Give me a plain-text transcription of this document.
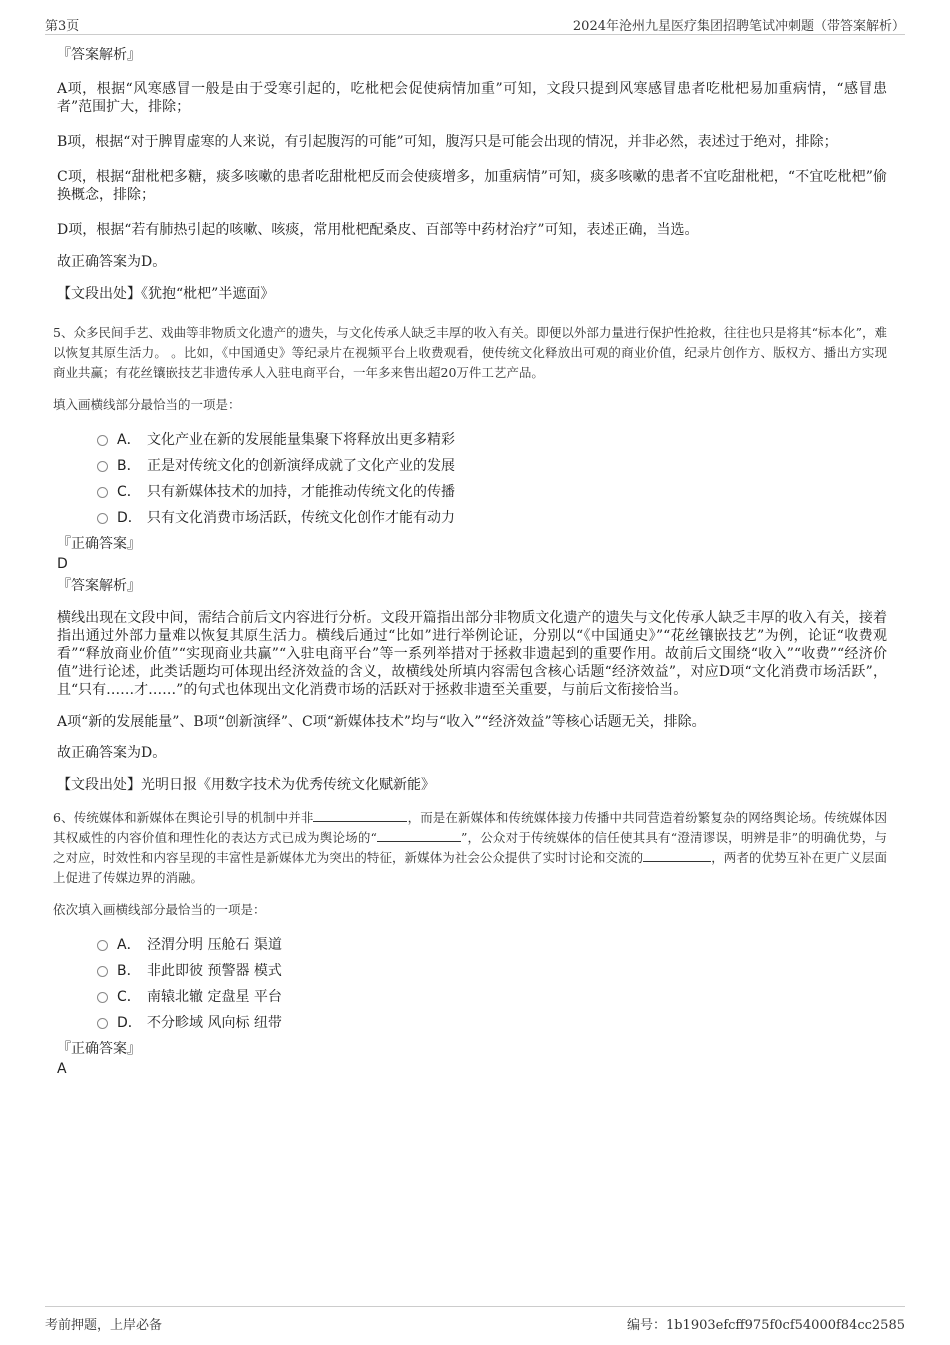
第3页	2024年沧州九星医疗集团招聘笔试冲刺题（带答案解析）
『答案解析』
A项，根据“风寒感冒一般是由于受寒引起的，吃枇杷会促使病情加重”可知，文段只提到风寒感冒患者吃枇杷易加重病情，“感冒患者”范围扩大，排除；
B项，根据“对于脾胃虚寒的人来说，有引起腹泻的可能”可知，腹泻只是可能会出现的情况，并非必然，表述过于绝对，排除；
C项，根据“甜枇杷多糖，痰多咳嗽的患者吃甜枇杷反而会使痰增多，加重病情”可知，痰多咳嗽的患者不宜吃甜枇杷，“不宜吃枇杷”偷换概念，排除；
D项，根据“若有肺热引起的咳嗽、咳痰，常用枇杷配桑皮、百部等中药材治疗”可知，表述正确，当选。
故正确答案为D。
【文段出处】《犹抱“枇杷”半遮面》
5、众多民间手艺、戏曲等非物质文化遗产的遗失，与文化传承人缺乏丰厚的收入有关。即便以外部力量进行保护性抢救，往往也只是将其“标本化”，难以恢复其原生活力。 。比如，《中国通史》等纪录片在视频平台上收费观看，使传统文化释放出可观的商业价值，纪录片创作方、版权方、播出方实现商业共赢；有花丝镶嵌技艺非遗传承人入驻电商平台，一年多来售出超20万件工艺产品。
填入画横线部分最恰当的一项是：
A． 文化产业在新的发展能量集聚下将释放出更多精彩
B． 正是对传统文化的创新演绎成就了文化产业的发展
C． 只有新媒体技术的加持，才能推动传统文化的传播
D． 只有文化消费市场活跃，传统文化创作才能有动力
『正确答案』
D
『答案解析』
横线出现在文段中间，需结合前后文内容进行分析。文段开篇指出部分非物质文化遗产的遗失与文化传承人缺乏丰厚的收入有关，接着指出通过外部力量难以恢复其原生活力。横线后通过“比如”进行举例论证，分别以“《中国通史》”“花丝镶嵌技艺”为例，论证“收费观看”“释放商业价值”“实现商业共赢”“入驻电商平台”等一系列举措对于拯救非遗起到的重要作用。故前后文围绕“收入”“收费”“经济价值”进行论述，此类话题均可体现出经济效益的含义，故横线处所填内容需包含核心话题“经济效益”，对应D项“文化消费市场活跃”，且“只有……才……”的句式也体现出文化消费市场的活跃对于拯救非遗至关重要，与前后文衔接恰当。
A项“新的发展能量”、B项“创新演绎”、C项“新媒体技术”均与“收入”“经济效益”等核心话题无关，排除。
故正确答案为D。
【文段出处】光明日报《用数字技术为优秀传统文化赋新能》
6、传统媒体和新媒体在舆论引导的机制中并非	，而是在新媒体和传统媒体接力传播中共同营造着纷繁复杂的网络舆论场。传统媒体因其权威性的内容价值和理性化的表达方式已成为舆论场的“	”，公众对于传统媒体的信任使其具有“澄清谬误，明辨是非”的明确优势，与之对应，时效性和内容呈现的丰富性是新媒体尤为突出的特征，新媒体为社会公众提供了实时讨论和交流的	，两者的优势互补在更广义层面上促进了传媒边界的消融。
依次填入画横线部分最恰当的一项是：
A． 泾渭分明 压舱石 渠道
B． 非此即彼 预警器 模式
C． 南辕北辙 定盘星 平台
D． 不分畛域 风向标 纽带
『正确答案』
A
考前押题，上岸必备	编号：1b1903efcff975f0cf54000f84cc2585
